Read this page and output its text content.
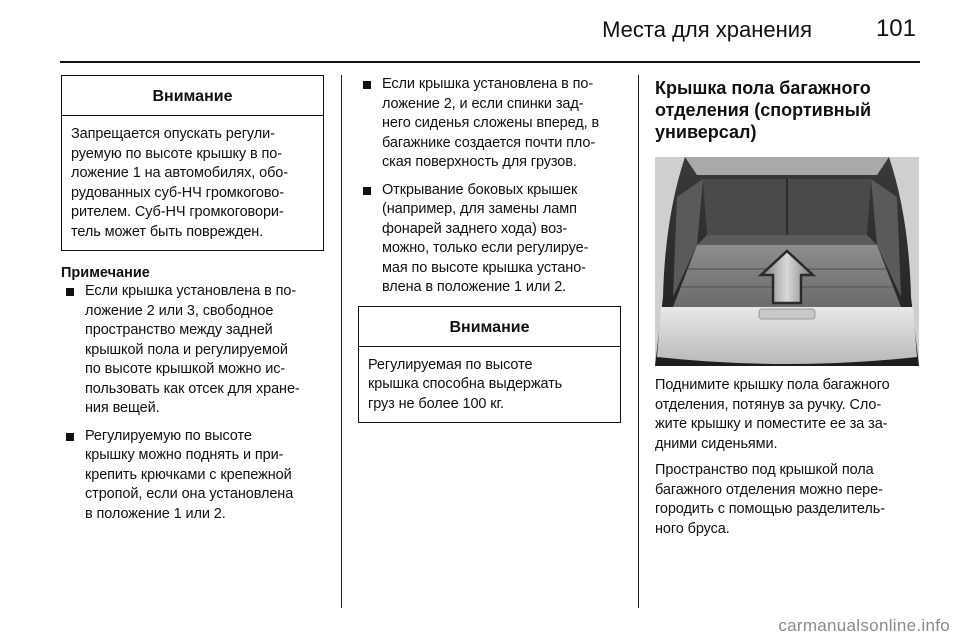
Места для хранения	101
Внимание
Запрещается опускать регули-
руемую по высоте крышку в по-
ложение 1 на автомобилях, обо-
рудованных суб-НЧ громкогово-
рителем. Суб-НЧ громкоговори-
тель может быть поврежден.
Примечание
Если крышка установлена в по-
ложение 2 или 3, свободное
пространство между задней
крышкой пола и регулируемой
по высоте крышкой можно ис-
пользовать как отсек для хране-
ния вещей.
Регулируемую по высоте
крышку можно поднять и при-
крепить крючками с крепежной
стропой, если она установлена
в положение 1 или 2.
Если крышка установлена в по-
ложение 2, и если спинки зад-
него сиденья сложены вперед, в
багажнике создается почти пло-
ская поверхность для грузов.
Открывание боковых крышек
(например, для замены ламп
фонарей заднего хода) воз-
можно, только если регулируе-
мая по высоте крышка устано-
влена в положение 1 или 2.
Внимание
Регулируемая по высоте
крышка способна выдержать
груз не более 100 кг.
Крышка пола багажного
отделения (спортивный
универсал)
Поднимите крышку пола багажного
отделения, потянув за ручку. Сло-
жите крышку и поместите ее за за-
дними сиденьями.
Пространство под крышкой пола
багажного отделения можно пере-
городить с помощью разделитель-
ного бруса.
carmanualsonline.info
